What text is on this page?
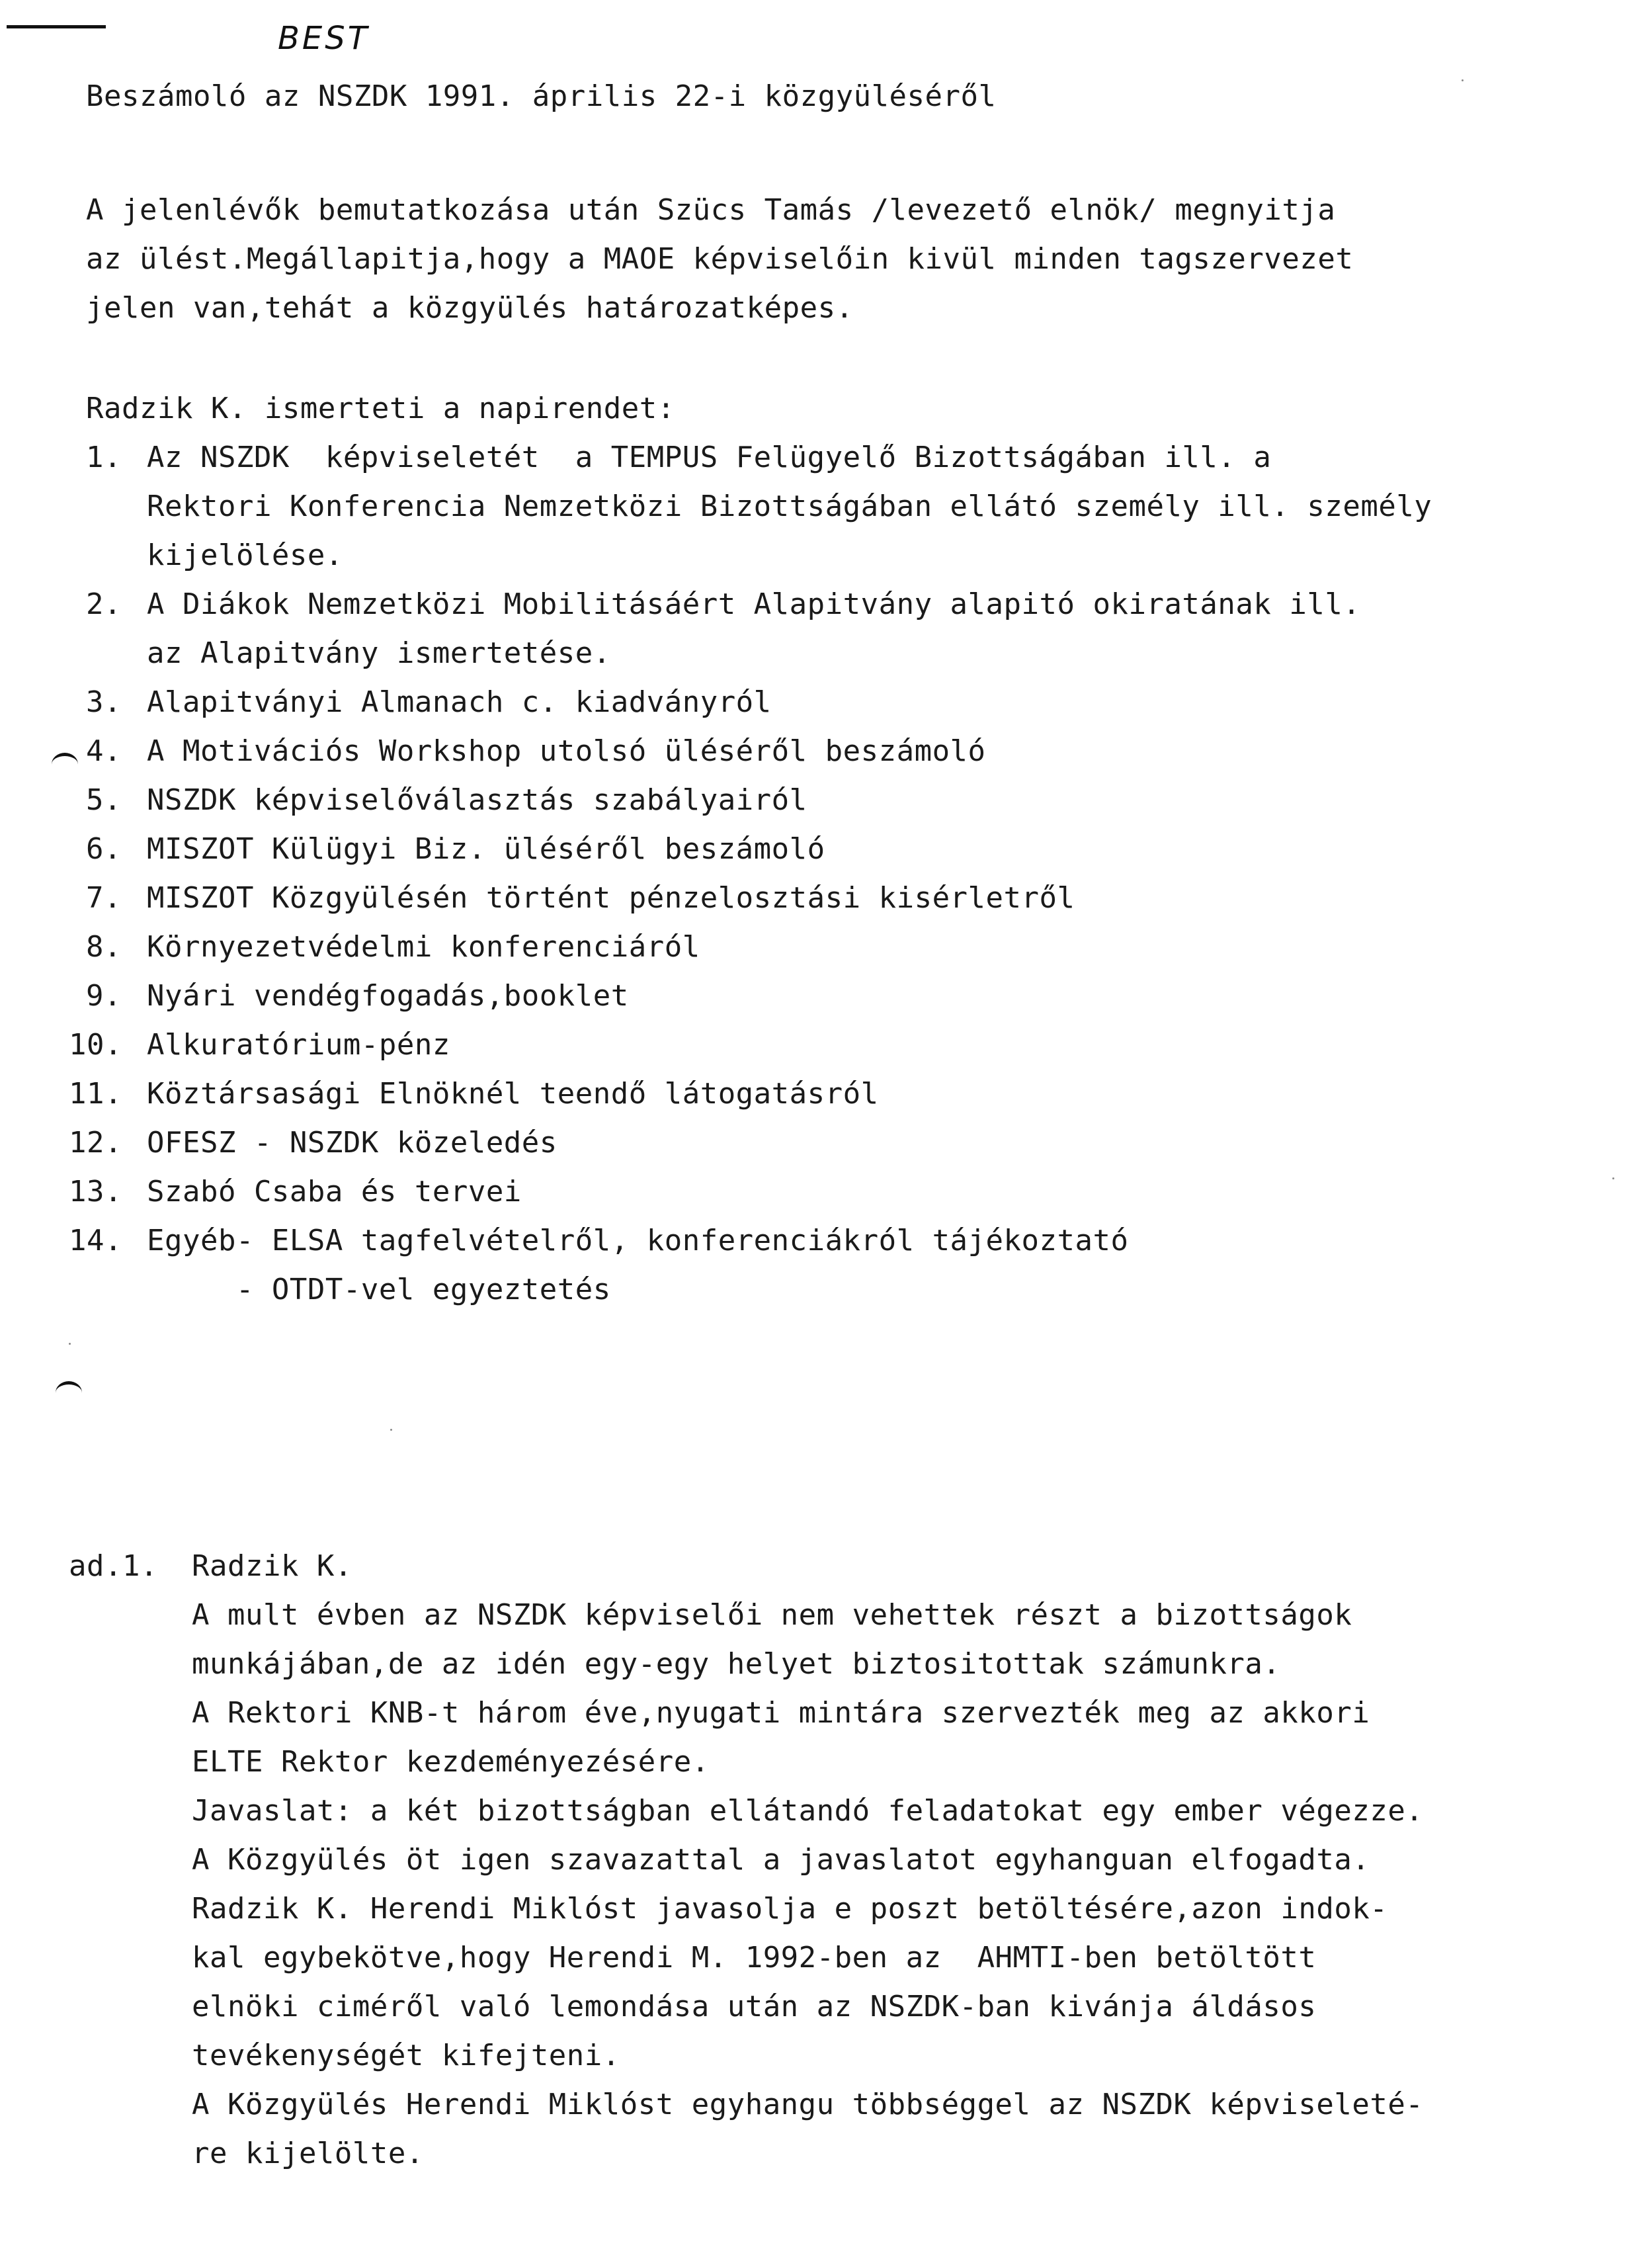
BEST
Beszámoló az NSZDK 1991. április 22-i közgyüléséről
A jelenlévők bemutatkozása után Szücs Tamás /levezető elnök/ megnyitja
az ülést.Megállapitja,hogy a MAOE képviselőin kivül minden tagszervezet
jelen van,tehát a közgyülés határozatképes.
Radzik K. ismerteti a napirendet:
1. Az NSZDK  képviseletét  a TEMPUS Felügyelő Bizottságában ill. a
Rektori Konferencia Nemzetközi Bizottságában ellátó személy ill. személy
kijelölése.
2. A Diákok Nemzetközi Mobilitásáért Alapitvány alapitó okiratának ill.
az Alapitvány ismertetése.
3. Alapitványi Almanach c. kiadványról
4. A Motivációs Workshop utolsó üléséről beszámoló
5. NSZDK képviselőválasztás szabályairól
6. MISZOT Külügyi Biz. üléséről beszámoló
7. MISZOT Közgyülésén történt pénzelosztási kisérletről
8. Környezetvédelmi konferenciáról
9. Nyári vendégfogadás,booklet
10. Alkuratórium-pénz
11. Köztársasági Elnöknél teendő látogatásról
12. OFESZ - NSZDK közeledés
13. Szabó Csaba és tervei
14. Egyéb- ELSA tagfelvételről, konferenciákról tájékoztató
- OTDT-vel egyeztetés
ad.1. Radzik K.
A mult évben az NSZDK képviselői nem vehettek részt a bizottságok
munkájában,de az idén egy-egy helyet biztositottak számunkra.
A Rektori KNB-t három éve,nyugati mintára szervezték meg az akkori
ELTE Rektor kezdeményezésére.
Javaslat: a két bizottságban ellátandó feladatokat egy ember végezze.
A Közgyülés öt igen szavazattal a javaslatot egyhanguan elfogadta.
Radzik K. Herendi Miklóst javasolja e poszt betöltésére,azon indok-
kal egybekötve,hogy Herendi M. 1992-ben az  AHMTI-ben betöltött
elnöki ciméről való lemondása után az NSZDK-ban kivánja áldásos
tevékenységét kifejteni.
A Közgyülés Herendi Miklóst egyhangu többséggel az NSZDK képviseleté-
re kijelölte.
